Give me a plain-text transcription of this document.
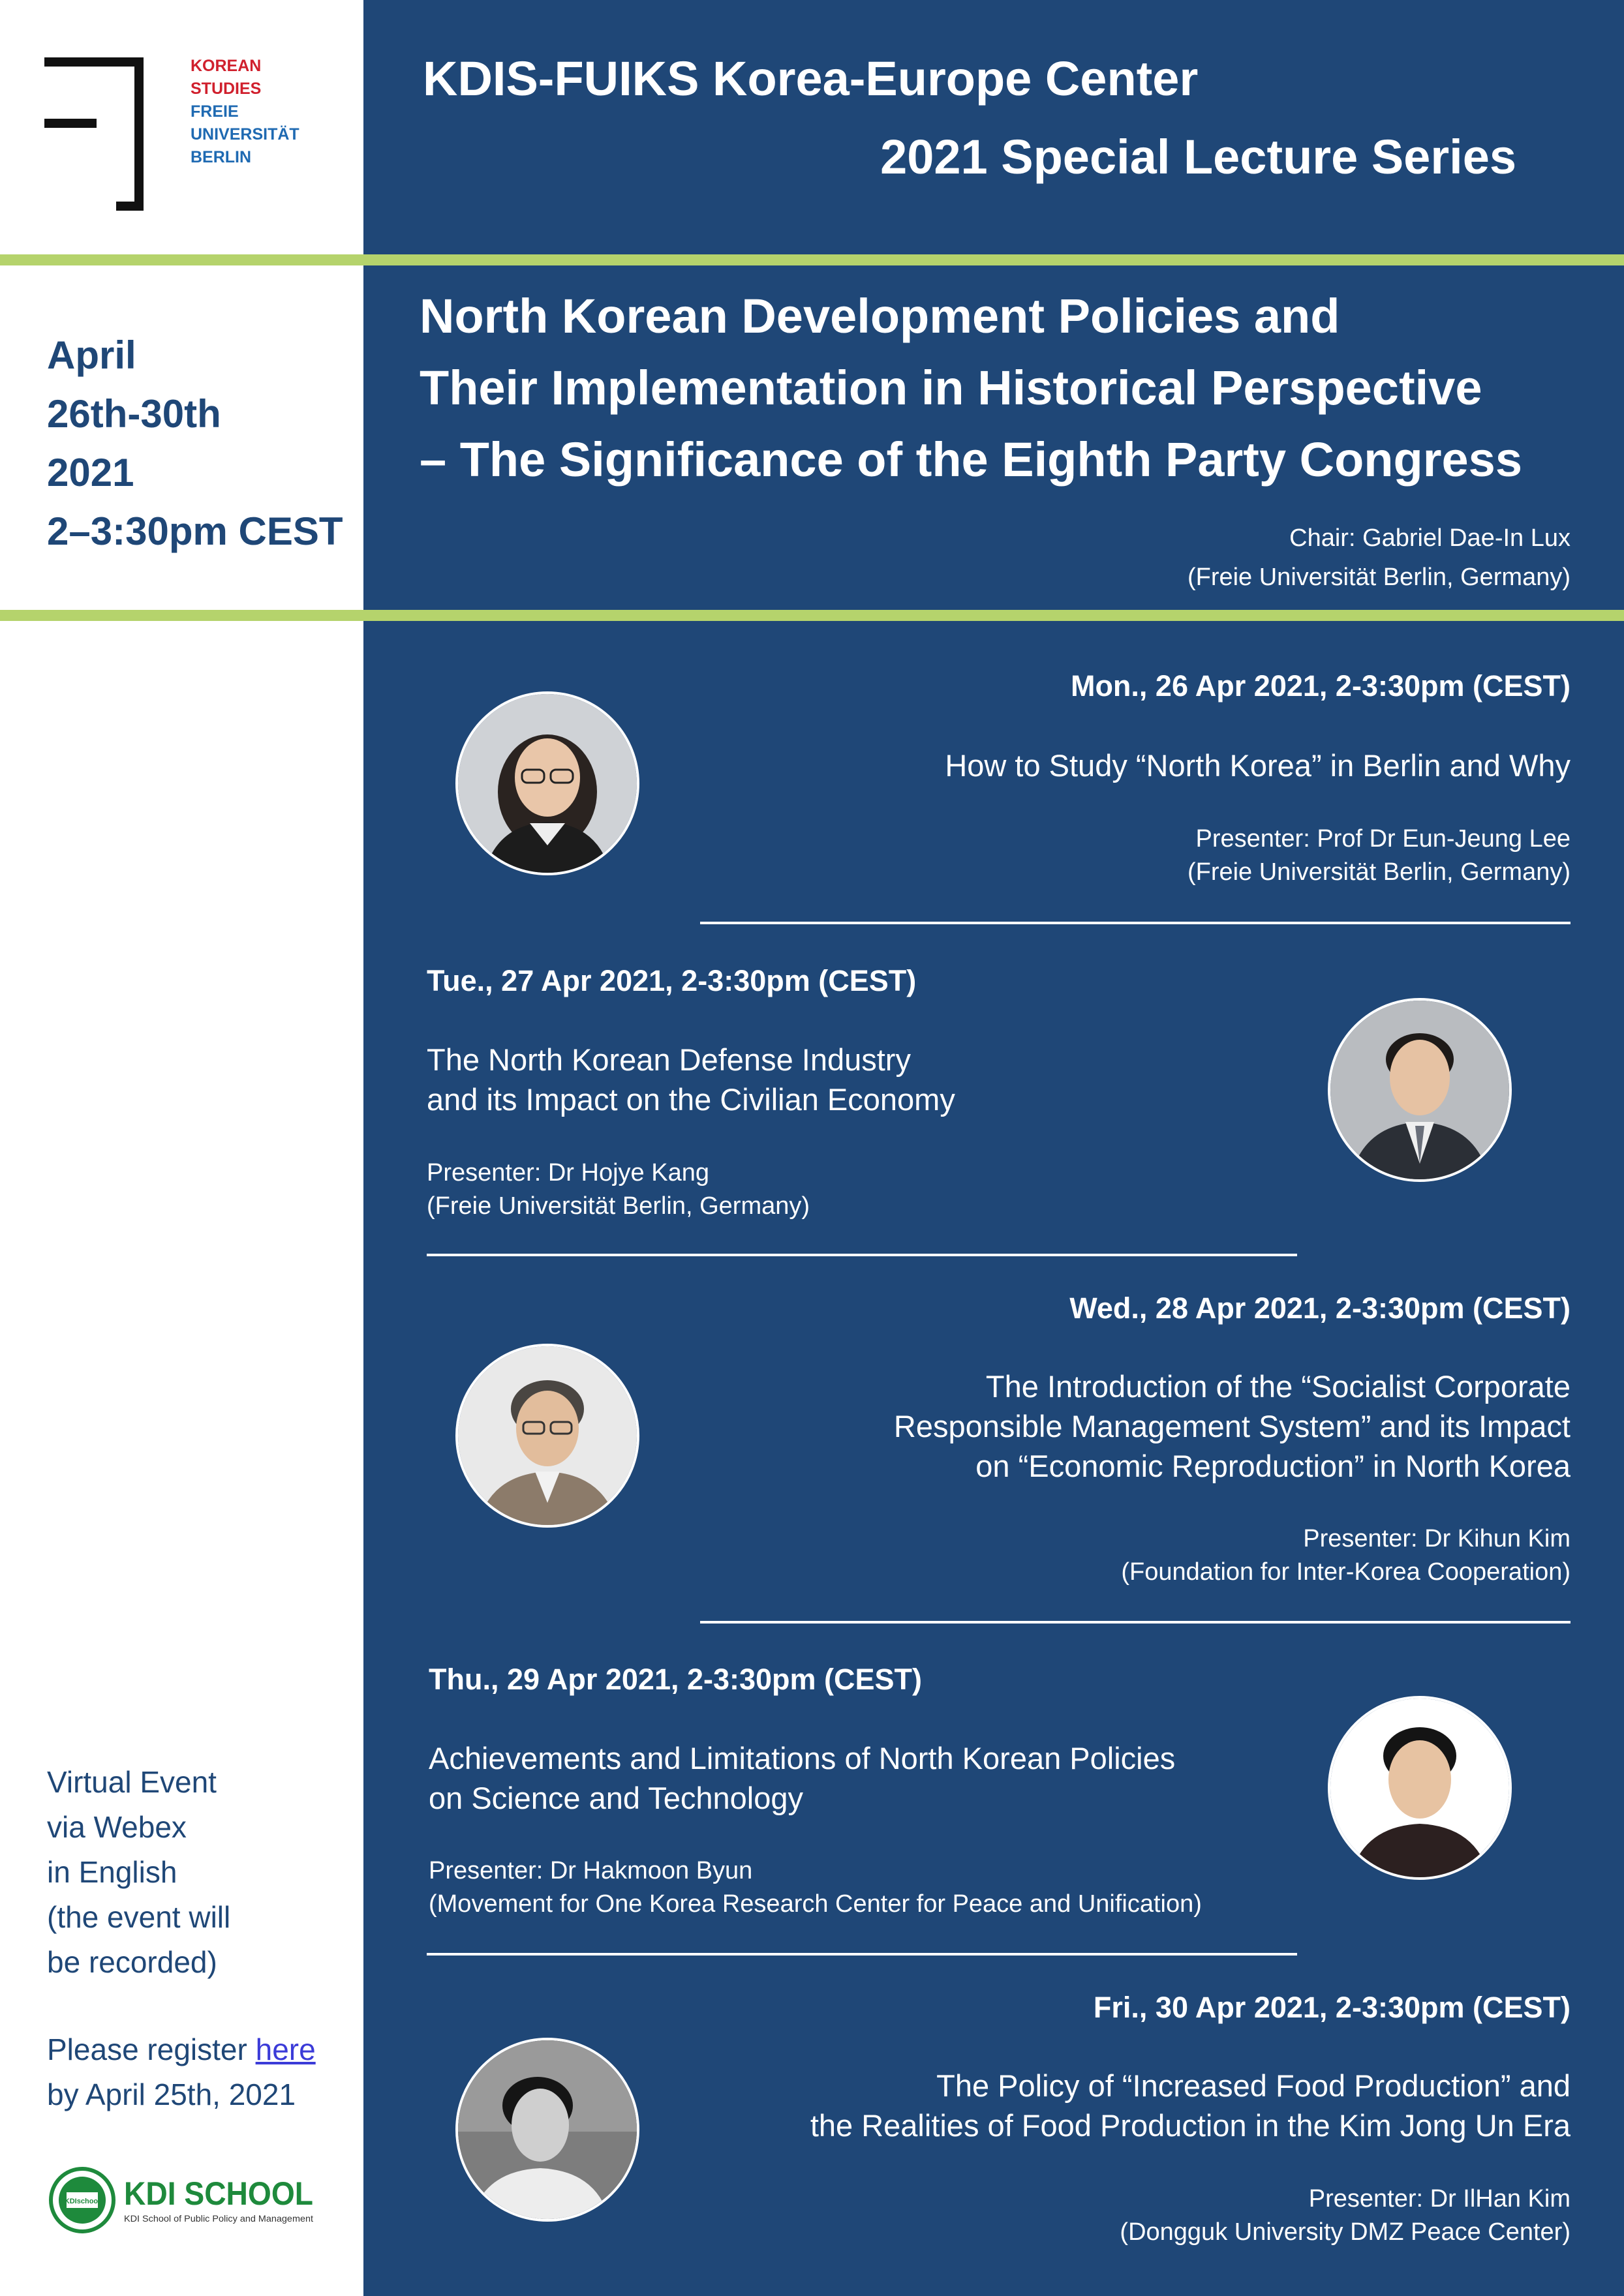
KOREAN
STUDIES
FREIE
UNIVERSITÄT
BERLIN
KDIS-FUIKS Korea-Europe Center
2021 Special Lecture Series
April
26th-30th
2021
2–3:30pm CEST
North Korean Development Policies and
Their Implementation in Historical Perspective
– The Significance of the Eighth Party Congress
Chair: Gabriel Dae-In Lux
(Freie Universität Berlin, Germany)
Mon., 26 Apr 2021, 2-3:30pm (CEST)
How to Study “North Korea” in Berlin and Why
Presenter: Prof Dr Eun-Jeung Lee
(Freie Universität Berlin, Germany)
Tue., 27 Apr 2021, 2-3:30pm (CEST)
The North Korean Defense Industry
and its Impact on the Civilian Economy
Presenter: Dr Hojye Kang
(Freie Universität Berlin, Germany)
Wed., 28 Apr 2021, 2-3:30pm (CEST)
The Introduction of the “Socialist Corporate
Responsible Management System” and its Impact
on “Economic Reproduction” in North Korea
Presenter: Dr Kihun Kim
(Foundation for Inter-Korea Cooperation)
Thu., 29 Apr 2021, 2-3:30pm (CEST)
Achievements and Limitations of North Korean Policies
on Science and Technology
Presenter: Dr Hakmoon Byun
(Movement for One Korea Research Center for Peace and Unification)
Fri., 30 Apr 2021, 2-3:30pm (CEST)
The Policy of “Increased Food Production” and
the Realities of Food Production in the Kim Jong Un Era
Presenter: Dr IlHan Kim
(Dongguk University DMZ Peace Center)
Virtual Event
via Webex
in English
(the event will
be recorded)
Please register here
by April 25th, 2021
KDIschool KDI SCHOOL
KDI School of Public Policy and Management
